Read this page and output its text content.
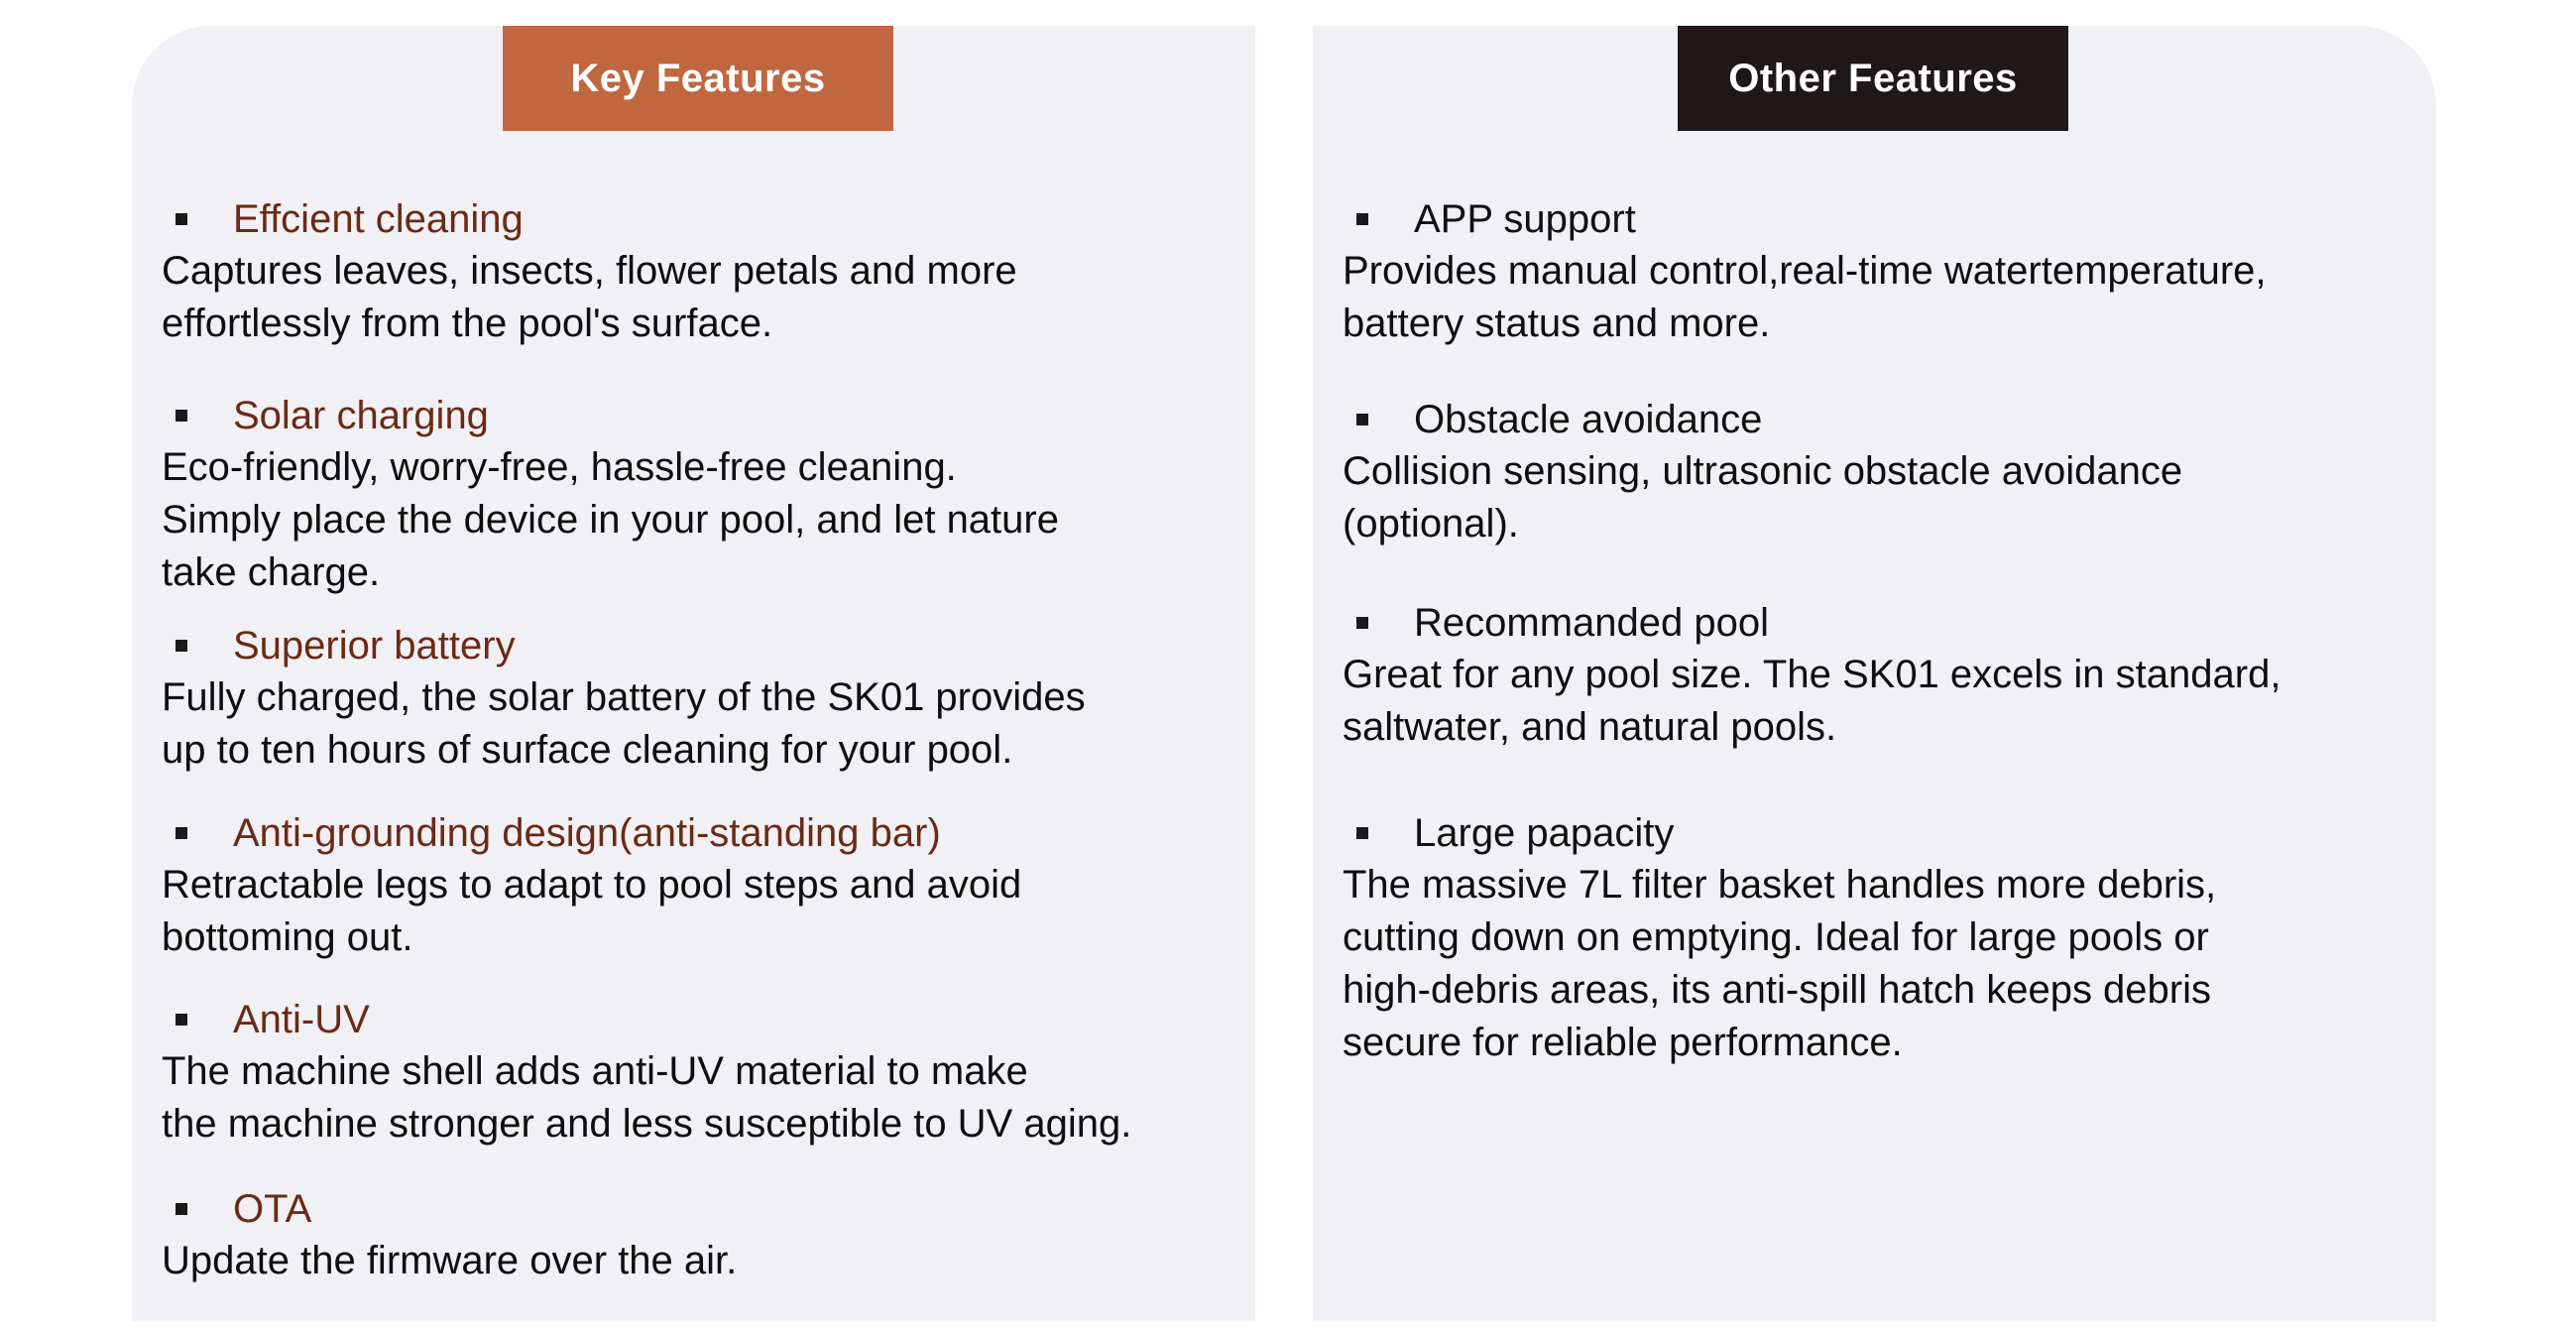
Key Features
Effcient cleaning
Captures leaves, insects, flower petals and more
effortlessly from the pool's surface.
Solar charging
Eco-friendly, worry-free, hassle-free cleaning.
Simply place the device in your pool, and let nature
take charge.
Superior battery
Fully charged, the solar battery of the SK01 provides
up to ten hours of surface cleaning for your pool.
Anti-grounding design(anti-standing bar)
Retractable legs to adapt to pool steps and avoid
bottoming out.
Anti-UV
The machine shell adds anti-UV material to make
the machine stronger and less susceptible to UV aging.
OTA
Update the firmware over the air.
Other Features
APP support
Provides manual control,real-time watertemperature,
battery status and more.
Obstacle avoidance
Collision sensing, ultrasonic obstacle avoidance
(optional).
Recommanded pool
Great for any pool size. The SK01 excels in standard,
saltwater, and natural pools.
Large papacity
The massive 7L filter basket handles more debris,
cutting down on emptying. Ideal for large pools or
high-debris areas, its anti-spill hatch keeps debris
secure for reliable performance.
